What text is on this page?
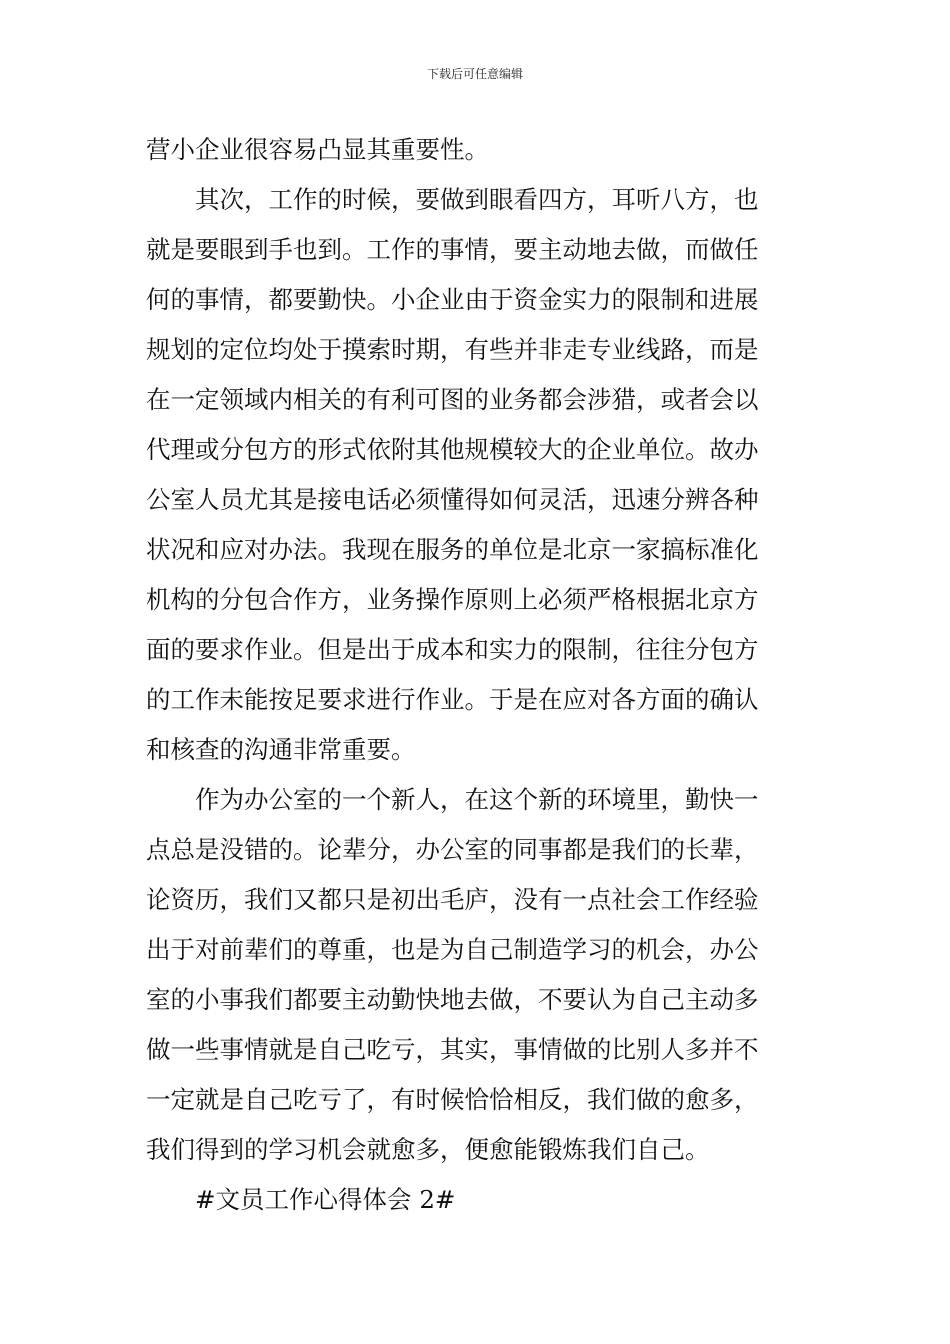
下载后可任意编辑
营小企业很容易凸显其重要性。
其次，工作的时候，要做到眼看四方，耳听八方，也
就是要眼到手也到。工作的事情，要主动地去做，而做任
何的事情，都要勤快。小企业由于资金实力的限制和进展
规划的定位均处于摸索时期，有些并非走专业线路，而是
在一定领域内相关的有利可图的业务都会涉猎，或者会以
代理或分包方的形式依附其他规模较大的企业单位。故办
公室人员尤其是接电话必须懂得如何灵活，迅速分辨各种
状况和应对办法。我现在服务的单位是北京一家搞标准化
机构的分包合作方，业务操作原则上必须严格根据北京方
面的要求作业。但是出于成本和实力的限制，往往分包方
的工作未能按足要求进行作业。于是在应对各方面的确认
和核查的沟通非常重要。
作为办公室的一个新人，在这个新的环境里，勤快一
点总是没错的。论辈分，办公室的同事都是我们的长辈，
论资历，我们又都只是初出毛庐，没有一点社会工作经验
出于对前辈们的尊重，也是为自己制造学习的机会，办公
室的小事我们都要主动勤快地去做，不要认为自己主动多
做一些事情就是自己吃亏，其实，事情做的比别人多并不
一定就是自己吃亏了，有时候恰恰相反，我们做的愈多，
我们得到的学习机会就愈多，便愈能锻炼我们自己。
#文员工作心得体会 2#
